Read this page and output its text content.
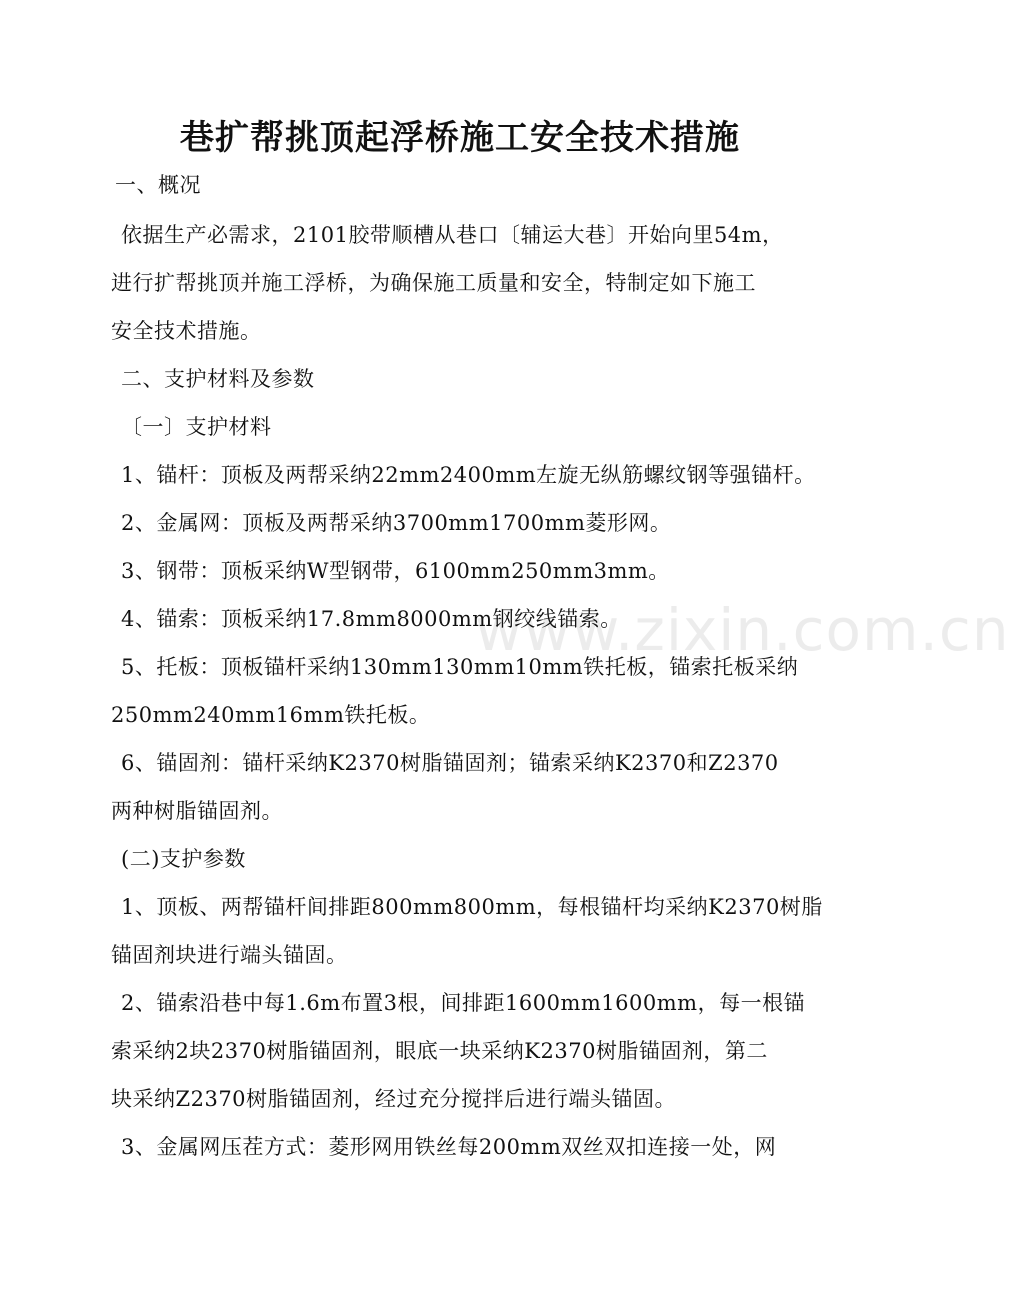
www.zixin.com.cn
巷扩帮挑顶起浮桥施工安全技术措施
一、概况
依据生产必需求，2101胶带顺槽从巷口〔辅运大巷〕开始向里54m，
进行扩帮挑顶并施工浮桥，为确保施工质量和安全，特制定如下施工
安全技术措施。
二、支护材料及参数
〔一〕支护材料
1、锚杆：顶板及两帮采纳22mm2400mm左旋无纵筋螺纹钢等强锚杆。
2、金属网：顶板及两帮采纳3700mm1700mm菱形网。
3、钢带：顶板采纳W型钢带，6100mm250mm3mm。
4、锚索：顶板采纳17.8mm8000mm钢绞线锚索。
5、托板：顶板锚杆采纳130mm130mm10mm铁托板，锚索托板采纳
250mm240mm16mm铁托板。
6、锚固剂：锚杆采纳K2370树脂锚固剂；锚索采纳K2370和Z2370
两种树脂锚固剂。
(二)支护参数
1、顶板、两帮锚杆间排距800mm800mm，每根锚杆均采纳K2370树脂
锚固剂块进行端头锚固。
2、锚索沿巷中每1.6m布置3根，间排距1600mm1600mm，每一根锚
索采纳2块2370树脂锚固剂，眼底一块采纳K2370树脂锚固剂，第二
块采纳Z2370树脂锚固剂，经过充分搅拌后进行端头锚固。
3、金属网压茬方式：菱形网用铁丝每200mm双丝双扣连接一处，网
